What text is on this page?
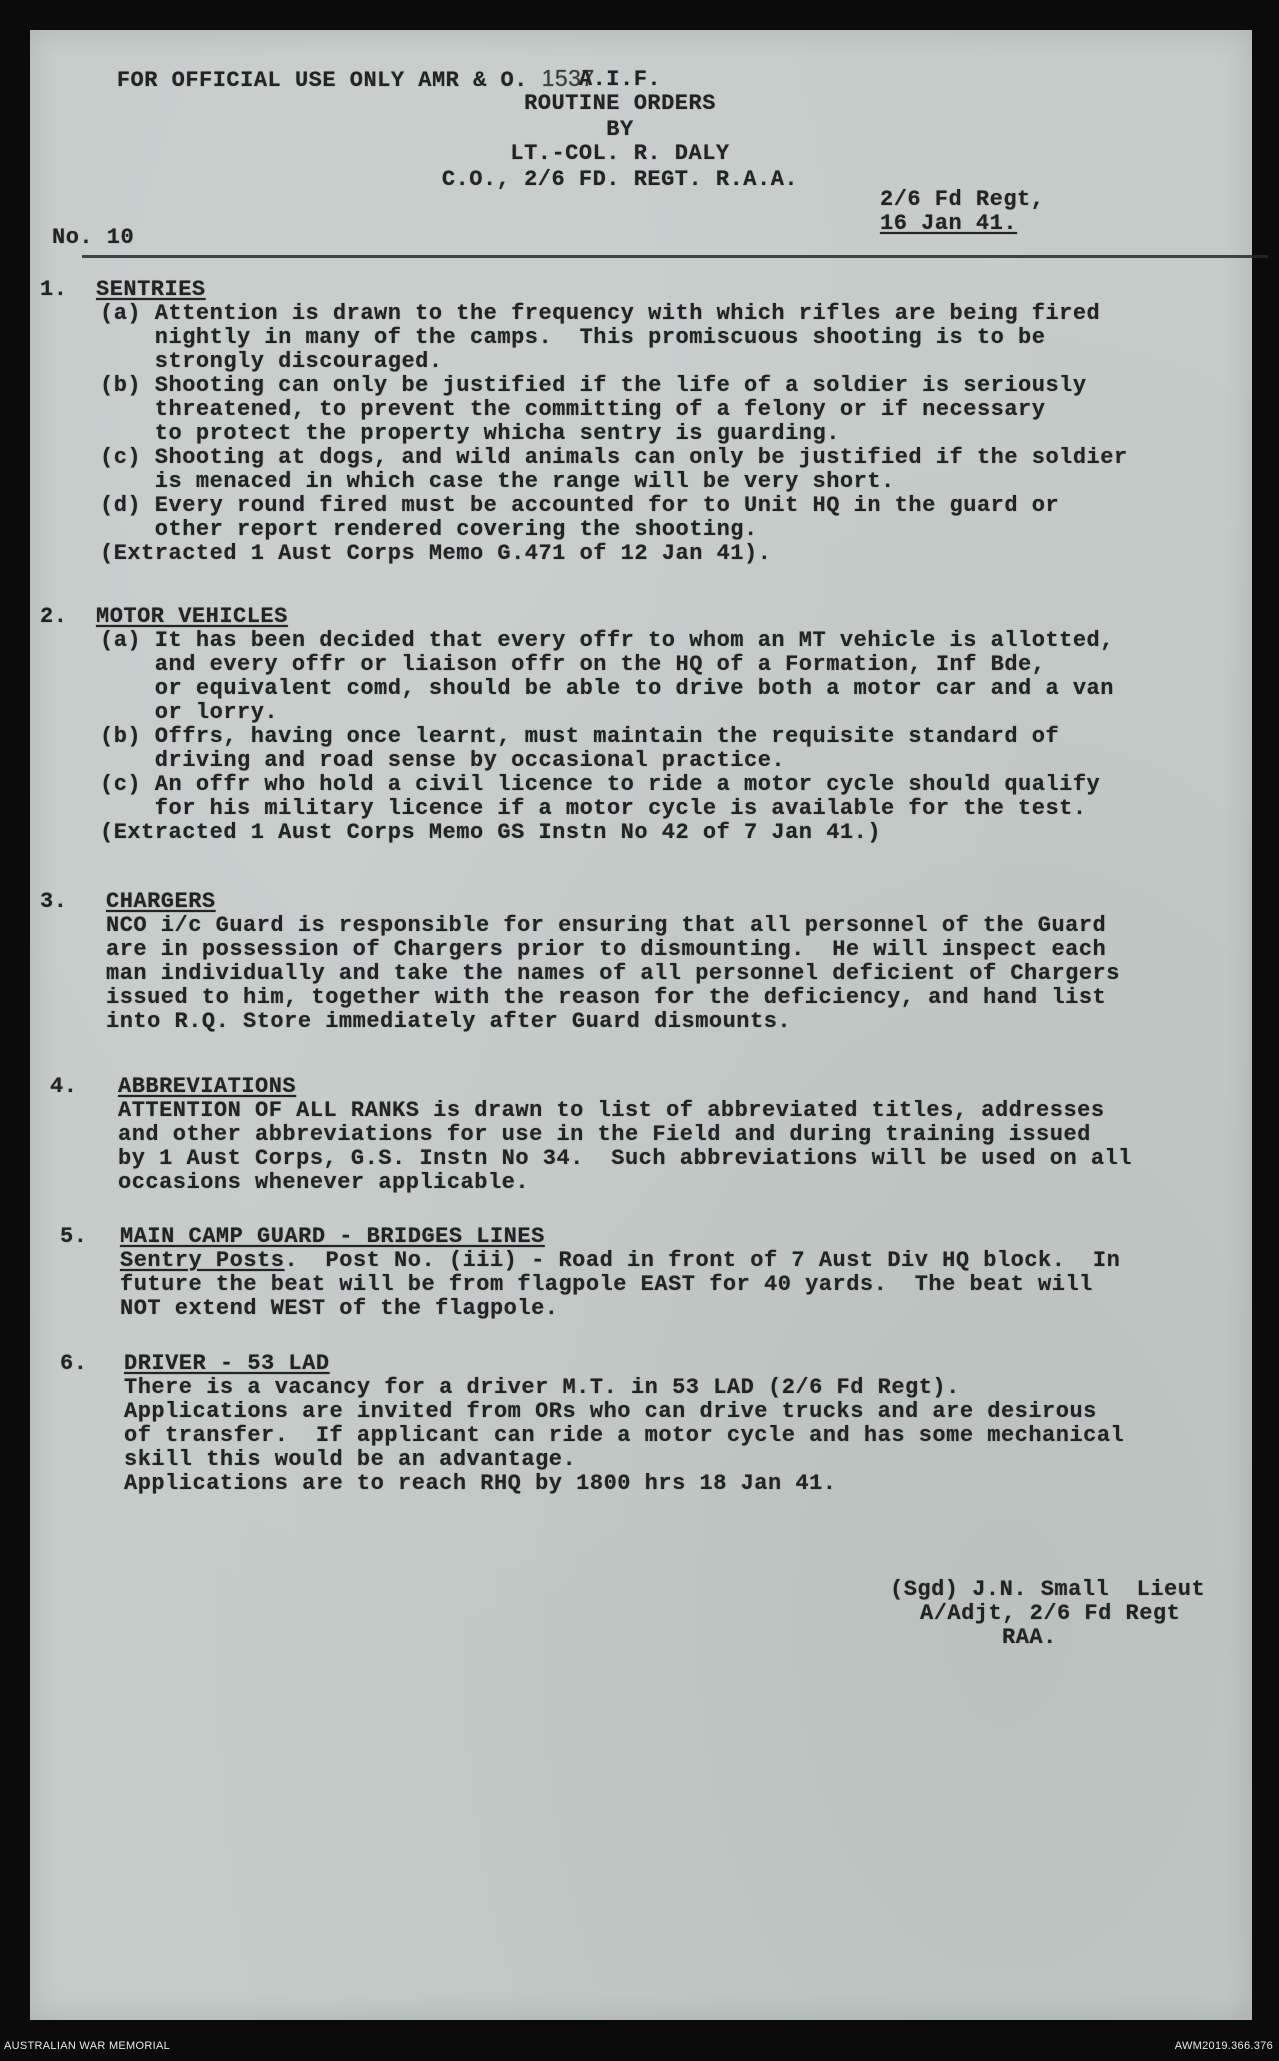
FOR OFFICIAL USE ONLY AMR & O. 1537

A.I.F.
ROUTINE ORDERS
BY
LT.-COL. R. DALY
C.O., 2/6 FD. REGT. R.A.A.
2/6 Fd Regt,
16 Jan 41.
No. 10
1. SENTRIES
(a) Attention is drawn to the frequency with which rifles are being fired
nightly in many of the camps.  This promiscuous shooting is to be
strongly discouraged.
(b) Shooting can only be justified if the life of a soldier is seriously
threatened, to prevent the committing of a felony or if necessary
to protect the property whicha sentry is guarding.
(c) Shooting at dogs, and wild animals can only be justified if the soldier
is menaced in which case the range will be very short.
(d) Every round fired must be accounted for to Unit HQ in the guard or
other report rendered covering the shooting.
(Extracted 1 Aust Corps Memo G.471 of 12 Jan 41).
2. MOTOR VEHICLES
(a) It has been decided that every offr to whom an MT vehicle is allotted,
and every offr or liaison offr on the HQ of a Formation, Inf Bde,
or equivalent comd, should be able to drive both a motor car and a van
or lorry.
(b) Offrs, having once learnt, must maintain the requisite standard of
driving and road sense by occasional practice.
(c) An offr who hold a civil licence to ride a motor cycle should qualify
for his military licence if a motor cycle is available for the test.
(Extracted 1 Aust Corps Memo GS Instn No 42 of 7 Jan 41.)
3. CHARGERS
NCO i/c Guard is responsible for ensuring that all personnel of the Guard
are in possession of Chargers prior to dismounting.  He will inspect each
man individually and take the names of all personnel deficient of Chargers
issued to him, together with the reason for the deficiency, and hand list
into R.Q. Store immediately after Guard dismounts.
4. ABBREVIATIONS
ATTENTION OF ALL RANKS is drawn to list of abbreviated titles, addresses
and other abbreviations for use in the Field and during training issued
by 1 Aust Corps, G.S. Instn No 34.  Such abbreviations will be used on all
occasions whenever applicable.
5. MAIN CAMP GUARD - BRIDGES LINES
Sentry Posts.  Post No. (iii) - Road in front of 7 Aust Div HQ block.  In
future the beat will be from flagpole EAST for 40 yards.  The beat will
NOT extend WEST of the flagpole.
6. DRIVER - 53 LAD
There is a vacancy for a driver M.T. in 53 LAD (2/6 Fd Regt).
Applications are invited from ORs who can drive trucks and are desirous
of transfer.  If applicant can ride a motor cycle and has some mechanical
skill this would be an advantage.
Applications are to reach RHQ by 1800 hrs 18 Jan 41.
(Sgd) J.N. Small  Lieut
A/Adjt, 2/6 Fd Regt
RAA.
AUSTRALIAN WAR MEMORIAL	AWM2019.366.376
